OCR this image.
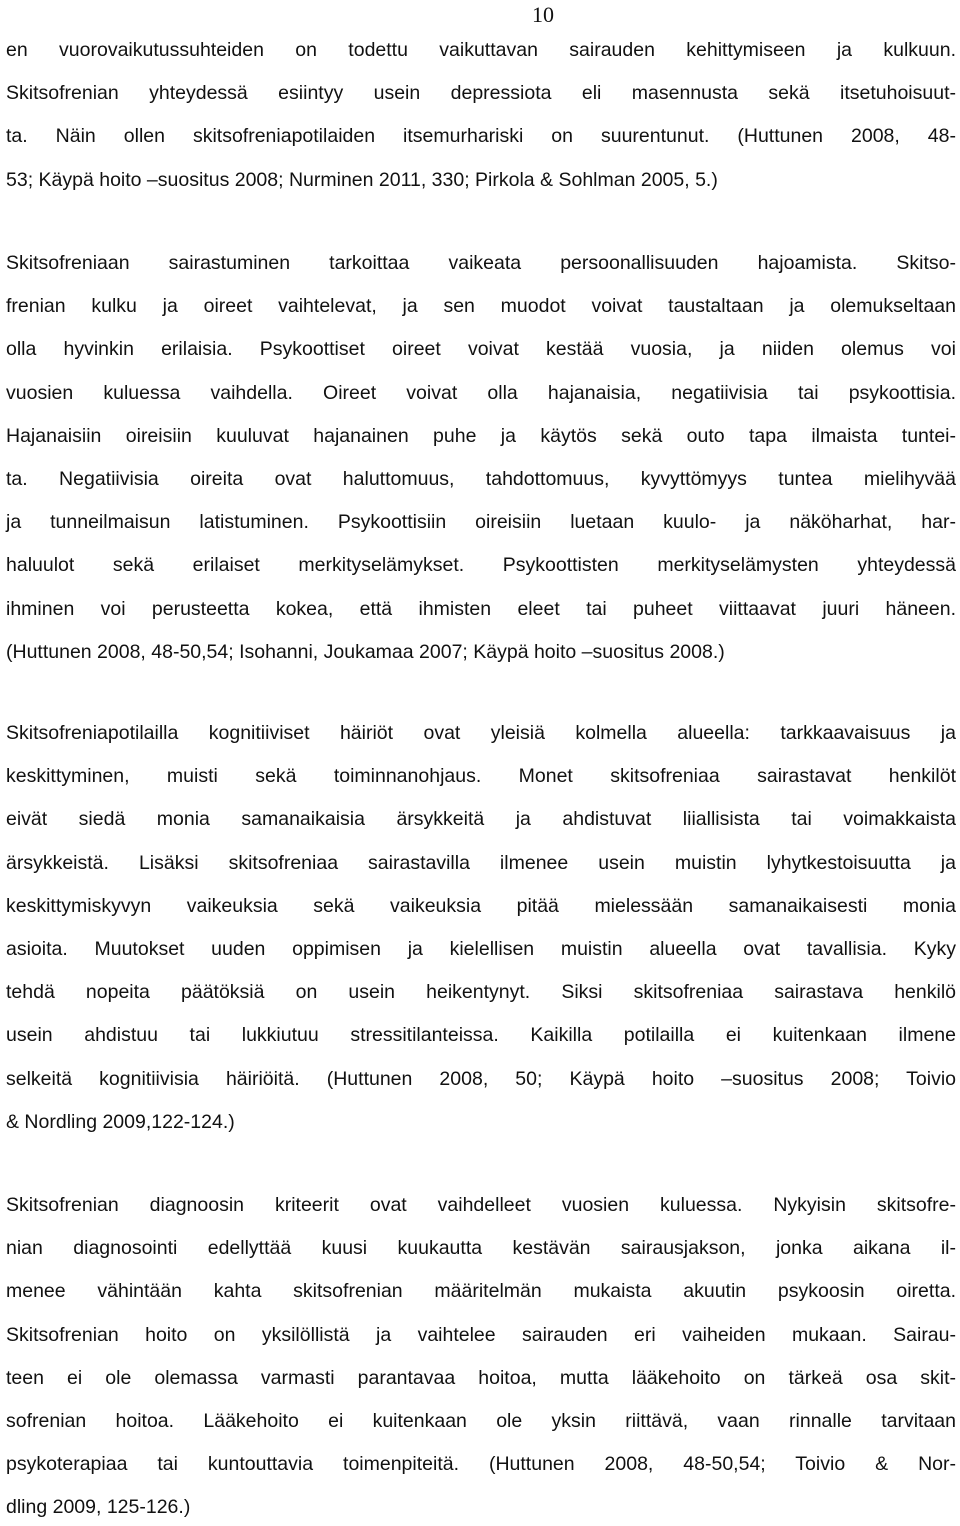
10

en vuorovaikutussuhteiden on todettu vaikuttavan sairauden kehittymiseen ja kulkuun.

Skitsofrenian yhteydessä esiintyy usein depressiota eli masennusta sekä itsetuhoisuut-

ta. Näin ollen skitsofreniapotilaiden itsemurhariski on suurentunut. (Huttunen 2008, 48-

53; Käypä hoito –suositus 2008; Nurminen 2011, 330; Pirkola & Sohlman 2005, 5.)

Skitsofreniaan sairastuminen tarkoittaa vaikeata persoonallisuuden hajoamista. Skitso-

frenian kulku ja oireet vaihtelevat, ja sen muodot voivat taustaltaan ja olemukseltaan

olla hyvinkin erilaisia. Psykoottiset oireet voivat kestää vuosia, ja niiden olemus voi

vuosien kuluessa vaihdella. Oireet voivat olla hajanaisia, negatiivisia tai psykoottisia.

Hajanaisiin oireisiin kuuluvat hajanainen puhe ja käytös sekä outo tapa ilmaista tuntei-

ta. Negatiivisia oireita ovat haluttomuus, tahdottomuus, kyvyttömyys tuntea mielihyvää

ja tunneilmaisun latistuminen. Psykoottisiin oireisiin luetaan kuulo- ja näköharhat, har-

haluulot sekä erilaiset merkityselämykset. Psykoottisten merkityselämysten yhteydessä

ihminen voi perusteetta kokea, että ihmisten eleet tai puheet viittaavat juuri häneen.

(Huttunen 2008, 48-50,54; Isohanni, Joukamaa 2007; Käypä hoito –suositus 2008.)

Skitsofreniapotilailla kognitiiviset häiriöt ovat yleisiä kolmella alueella: tarkkaavaisuus ja

keskittyminen, muisti sekä toiminnanohjaus. Monet skitsofreniaa sairastavat henkilöt

eivät siedä monia samanaikaisia ärsykkeitä ja ahdistuvat liiallisista tai voimakkaista

ärsykkeistä. Lisäksi skitsofreniaa sairastavilla ilmenee usein muistin lyhytkestoisuutta ja

keskittymiskyvyn vaikeuksia sekä vaikeuksia pitää mielessään samanaikaisesti monia

asioita. Muutokset uuden oppimisen ja kielellisen muistin alueella ovat tavallisia. Kyky

tehdä nopeita päätöksiä on usein heikentynyt. Siksi skitsofreniaa sairastava henkilö

usein ahdistuu tai lukkiutuu stressitilanteissa. Kaikilla potilailla ei kuitenkaan ilmene

selkeitä kognitiivisia häiriöitä. (Huttunen 2008, 50; Käypä hoito –suositus 2008; Toivio

& Nordling 2009,122-124.)

Skitsofrenian diagnoosin kriteerit ovat vaihdelleet vuosien kuluessa. Nykyisin skitsofre-

nian diagnosointi edellyttää kuusi kuukautta kestävän sairausjakson, jonka aikana il-

menee vähintään kahta skitsofrenian määritelmän mukaista akuutin psykoosin oiretta.

Skitsofrenian hoito on yksilöllistä ja vaihtelee sairauden eri vaiheiden mukaan. Sairau-

teen ei ole olemassa varmasti parantavaa hoitoa, mutta lääkehoito on tärkeä osa skit-

sofrenian hoitoa. Lääkehoito ei kuitenkaan ole yksin riittävä, vaan rinnalle tarvitaan

psykoterapiaa tai kuntouttavia toimenpiteitä. (Huttunen 2008, 48-50,54; Toivio & Nor-

dling 2009, 125-126.)
